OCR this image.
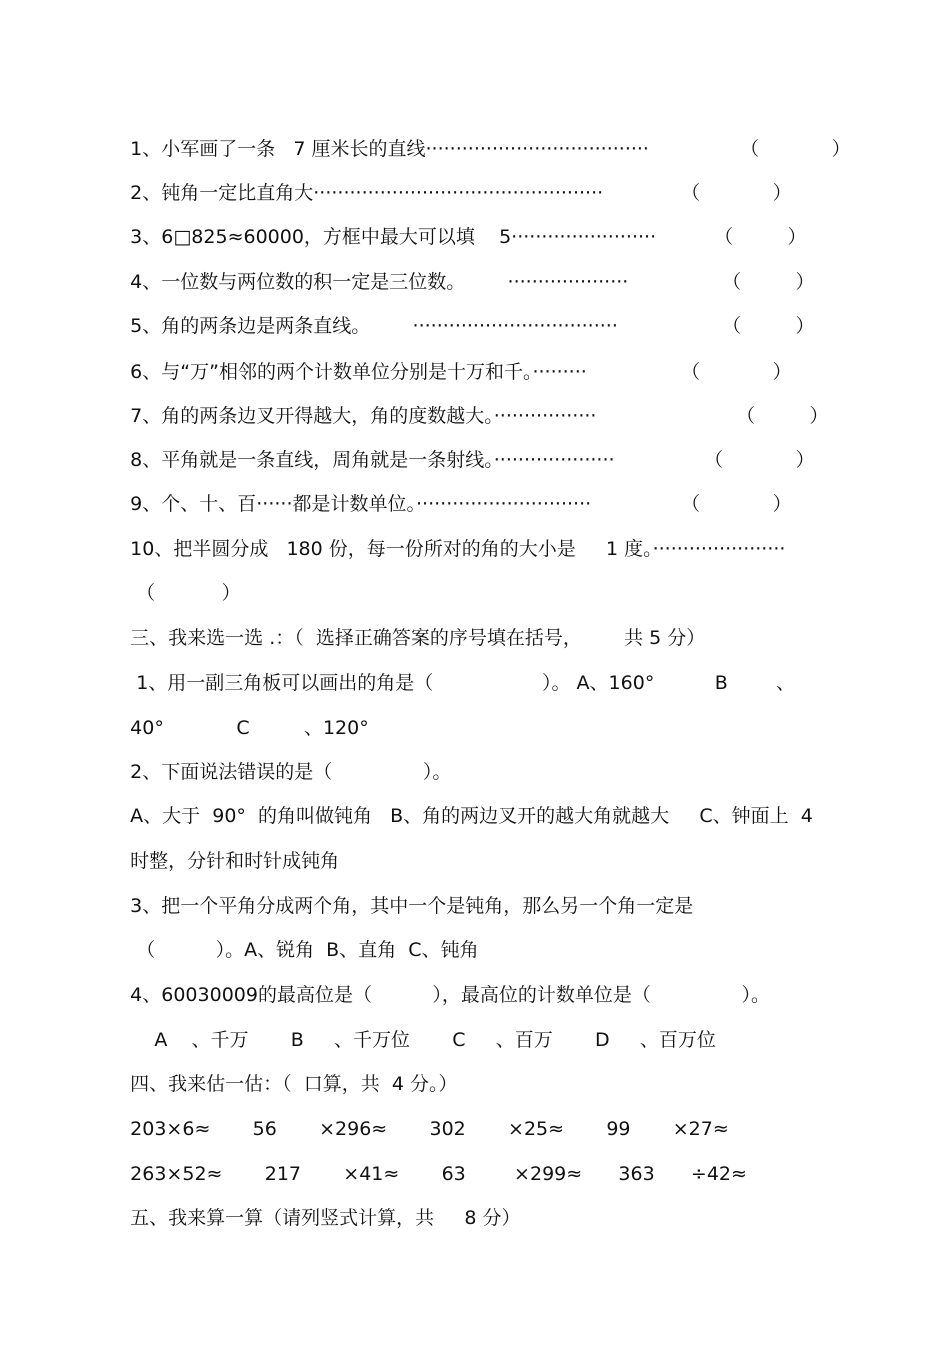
1、小军画了一条   7 厘米长的直线·····································
	（            ）

2、钝角一定比直角大················································
	（            ）

3、6□825≈60000，方框中最大可以填    5························
	（         ）

4、一位数与两位数的积一定是三位数。       ····················
	（         ）

5、角的两条边是两条直线。       ··································
	（         ）

6、与“万”相邻的两个计数单位分别是十万和千。·········
	（            ）

7、角的两条边叉开得越大，角的度数越大。·················
	（         ）

8、平角就是一条直线，周角就是一条射线。····················
	（            ）

9、个、十、百······都是计数单位。·····························
	（            ）

10、把半圆分成   180 份，每一份所对的角的大小是     1 度。······················

（           ）

三、我来选一选 .：（  选择正确答案的序号填在括号，       共 5 分）

1、用一副三角板可以画出的角是（                  ）。 A、160°          B        、

40°            C         、120°

2、下面说法错误的是（               ）。

A、大于  90°  的角叫做钝角   B、角的两边叉开的越大角就越大     C、钟面上  4

时整，分针和时针成钝角

3、把一个平角分成两个角，其中一个是钝角，那么另一个角一定是

（          ）。A、锐角  B、直角  C、钝角

4、60030009的最高位是（          ），最高位的计数单位是（               ）。

A    、千万       B     、千万位       C     、百万       D     、百万位

四、我来估一估：（  口算，共  4 分。）

203×6≈       56       ×296≈       302       ×25≈       99       ×27≈

263×52≈       217       ×41≈       63        ×299≈      363      ÷42≈

五、我来算一算（请列竖式计算，共     8 分）
